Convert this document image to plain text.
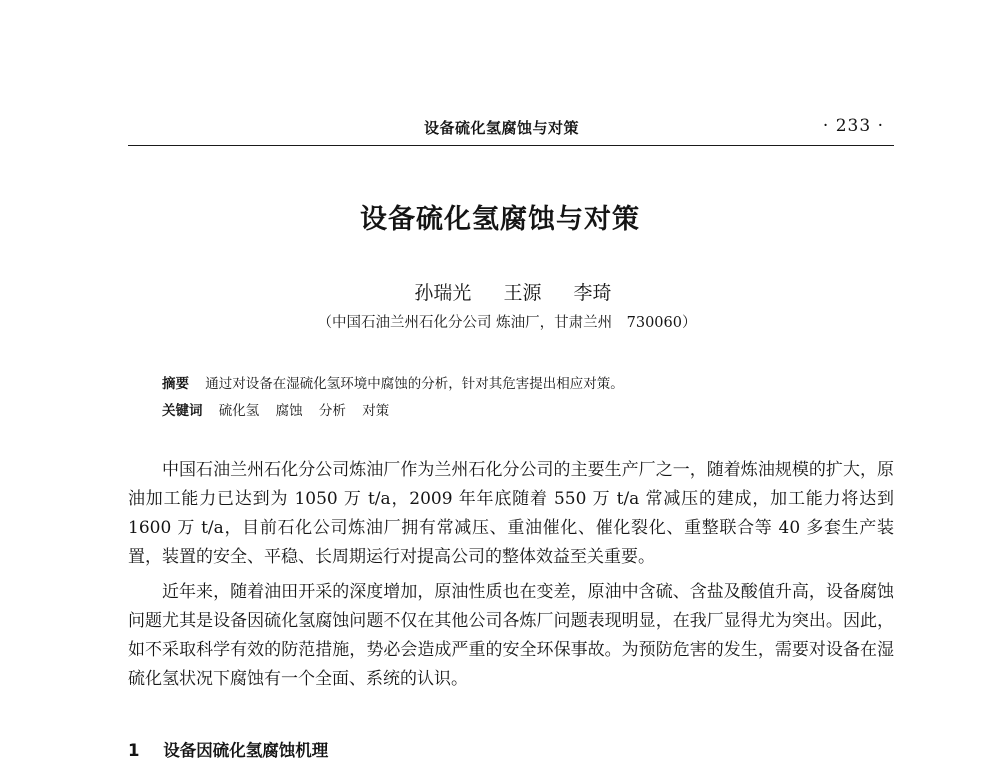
设备硫化氢腐蚀与对策	· 233 ·
设备硫化氢腐蚀与对策
孙瑞光 王源 李琦
（中国石油兰州石化分公司 炼油厂，甘肃兰州　730060）
摘要 通过对设备在湿硫化氢环境中腐蚀的分析，针对其危害提出相应对策。
关键词 硫化氢 腐蚀 分析 对策

中国石油兰州石化分公司炼油厂作为兰州石化分公司的主要生产厂之一，随着炼油规模的扩大，原油加工能力已达到为 1050 万 t/a，2009 年年底随着 550 万 t/a 常减压的建成，加工能力将达到 1600 万 t/a，目前石化公司炼油厂拥有常减压、重油催化、催化裂化、重整联合等 40 多套生产装置，装置的安全、平稳、长周期运行对提高公司的整体效益至关重要。

近年来，随着油田开采的深度增加，原油性质也在变差，原油中含硫、含盐及酸值升高，设备腐蚀问题尤其是设备因硫化氢腐蚀问题不仅在其他公司各炼厂问题表现明显，在我厂显得尤为突出。因此，如不采取科学有效的防范措施，势必会造成严重的安全环保事故。为预防危害的发生，需要对设备在湿硫化氢状况下腐蚀有一个全面、系统的认识。

1 设备因硫化氢腐蚀机理
